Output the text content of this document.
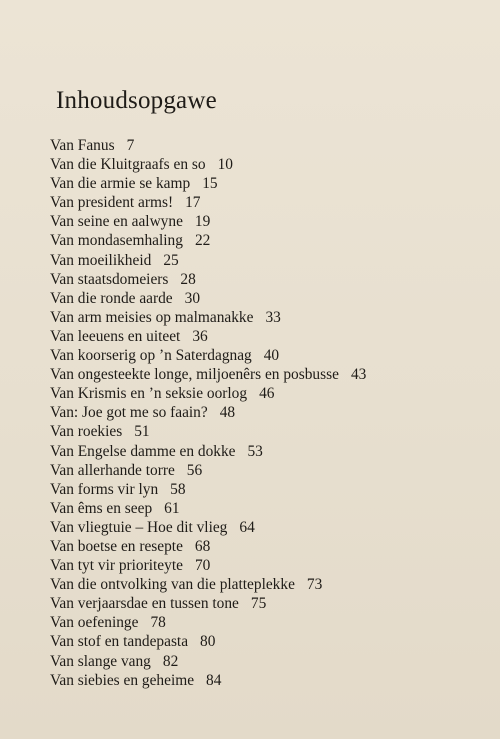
Inhoudsopgawe
Van Fanus 7
Van die Kluitgraafs en so 10
Van die armie se kamp 15
Van president arms! 17
Van seine en aalwyne 19
Van mondasemhaling 22
Van moeilikheid 25
Van staatsdomeiers 28
Van die ronde aarde 30
Van arm meisies op malmanakke 33
Van leeuens en uiteet 36
Van koorserig op ’n Saterdagnag 40
Van ongesteekte longe, miljoenêrs en posbusse 43
Van Krismis en ’n seksie oorlog 46
Van: Joe got me so faain? 48
Van roekies 51
Van Engelse damme en dokke 53
Van allerhande torre 56
Van forms vir lyn 58
Van êms en seep 61
Van vliegtuie – Hoe dit vlieg 64
Van boetse en resepte 68
Van tyt vir prioriteyte 70
Van die ontvolking van die platteplekke 73
Van verjaarsdae en tussen tone 75
Van oefeninge 78
Van stof en tandepasta 80
Van slange vang 82
Van siebies en geheime 84
